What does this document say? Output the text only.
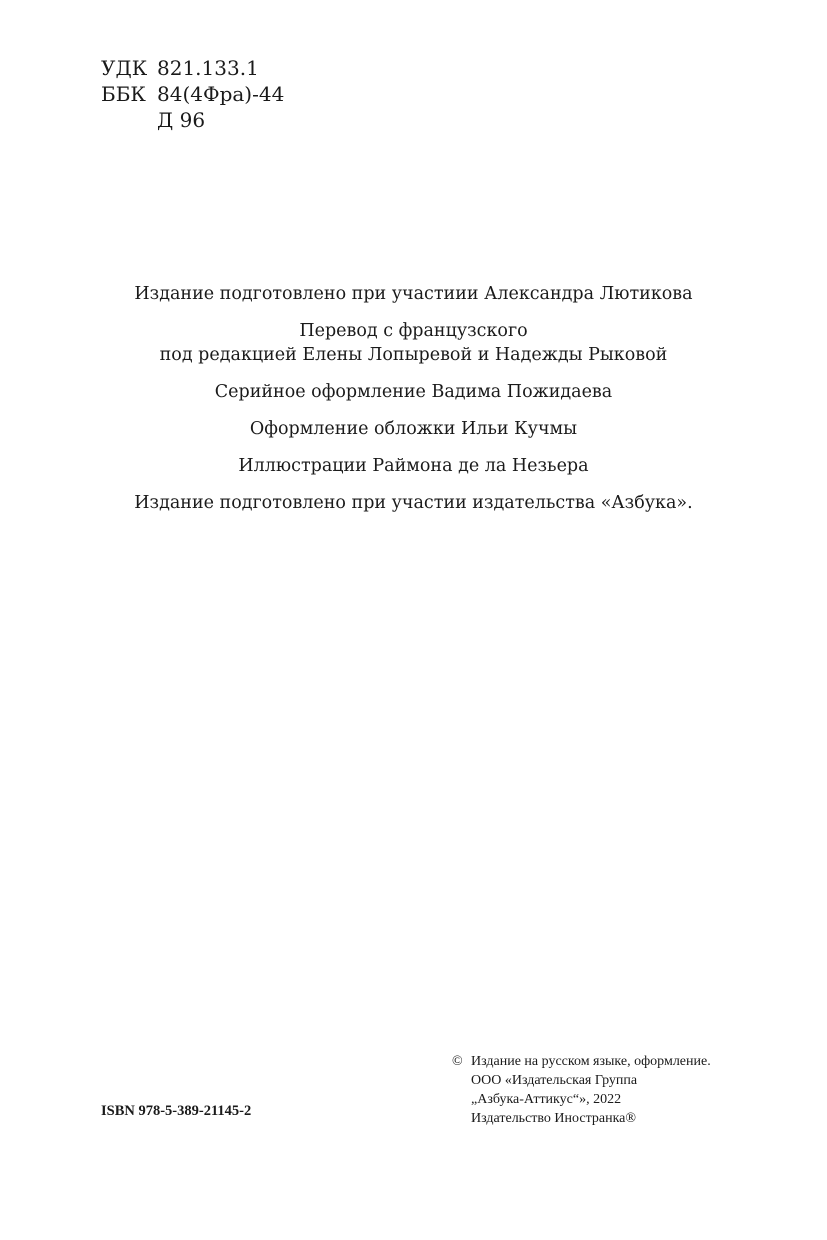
УДК 821.133.1
ББК 84(4Фра)-44
Д 96

Издание подготовлено при участиии Александра Лютикова

Перевод с французского

под редакцией Елены Лопыревой и Надежды Рыковой

Серийное оформление Вадима Пожидаева

Оформление обложки Ильи Кучмы

Иллюстрации Раймона де ла Незьера

Издание подготовлено при участии издательства «Азбука».

ISBN 978-5-389-21145-2
© Издание на русском языке, оформление.

ООО «Издательская Группа

„Азбука-Аттикус“», 2022

Издательство Иностранка®
